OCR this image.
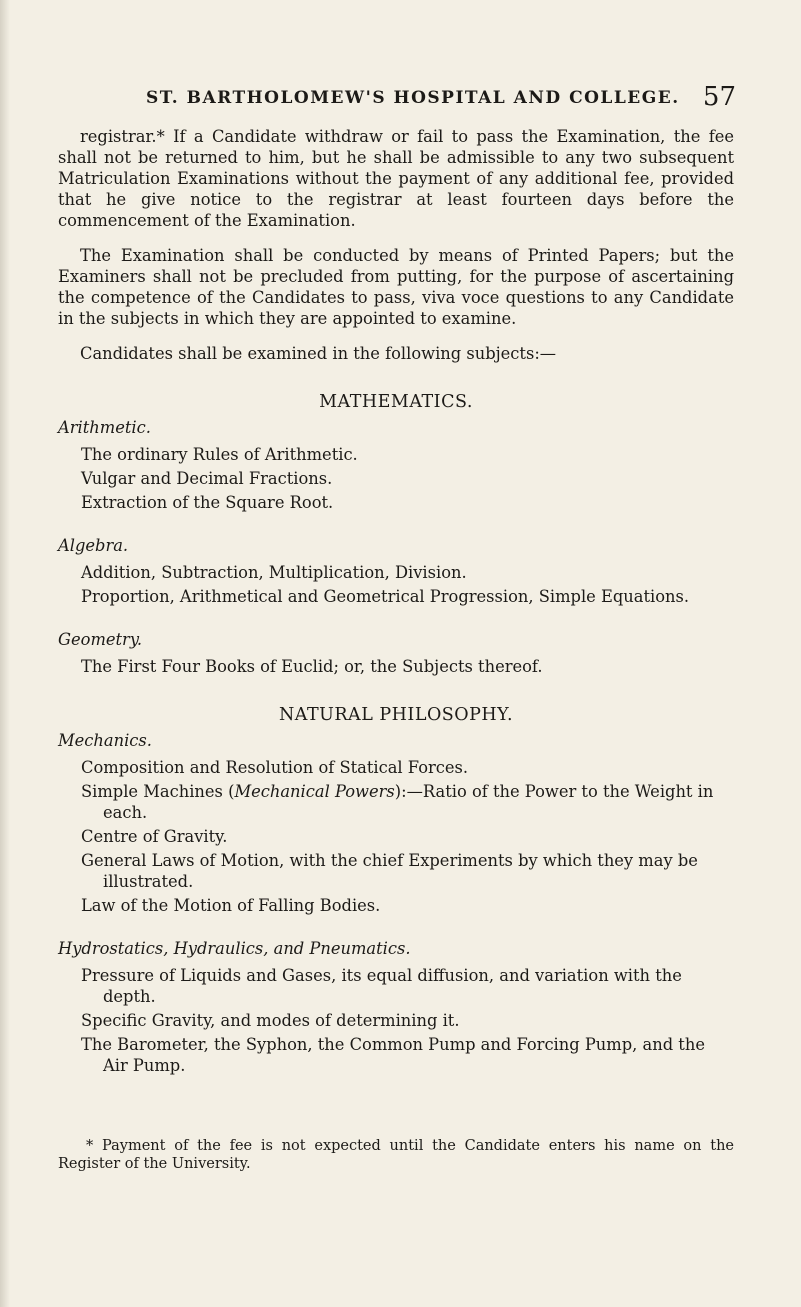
ST. BARTHOLOMEW'S HOSPITAL AND COLLEGE. 57

registrar.* If a Candidate withdraw or fail to pass the Examination, the fee shall not be returned to him, but he shall be admissible to any two subsequent Matriculation Examinations without the payment of any additional fee, provided that he give notice to the registrar at least fourteen days before the commencement of the Examination.

The Examination shall be conducted by means of Printed Papers; but the Examiners shall not be precluded from putting, for the purpose of ascertaining the competence of the Candidates to pass, viva voce questions to any Candidate in the subjects in which they are appointed to examine.

Candidates shall be examined in the following subjects:—

MATHEMATICS.
Arithmetic.
The ordinary Rules of Arithmetic.
Vulgar and Decimal Fractions.
Extraction of the Square Root.
Algebra.
Addition, Subtraction, Multiplication, Division.
Proportion, Arithmetical and Geometrical Progression, Simple Equations.
Geometry.
The First Four Books of Euclid; or, the Subjects thereof.
NATURAL PHILOSOPHY.
Mechanics.
Composition and Resolution of Statical Forces.
Simple Machines (Mechanical Powers):—Ratio of the Power to the Weight in each.
Centre of Gravity.
General Laws of Motion, with the chief Experiments by which they may be illustrated.
Law of the Motion of Falling Bodies.
Hydrostatics, Hydraulics, and Pneumatics.
Pressure of Liquids and Gases, its equal diffusion, and variation with the depth.
Specific Gravity, and modes of determining it.
The Barometer, the Syphon, the Common Pump and Forcing Pump, and the Air Pump.

* Payment of the fee is not expected until the Candidate enters his name on the Register of the University.
